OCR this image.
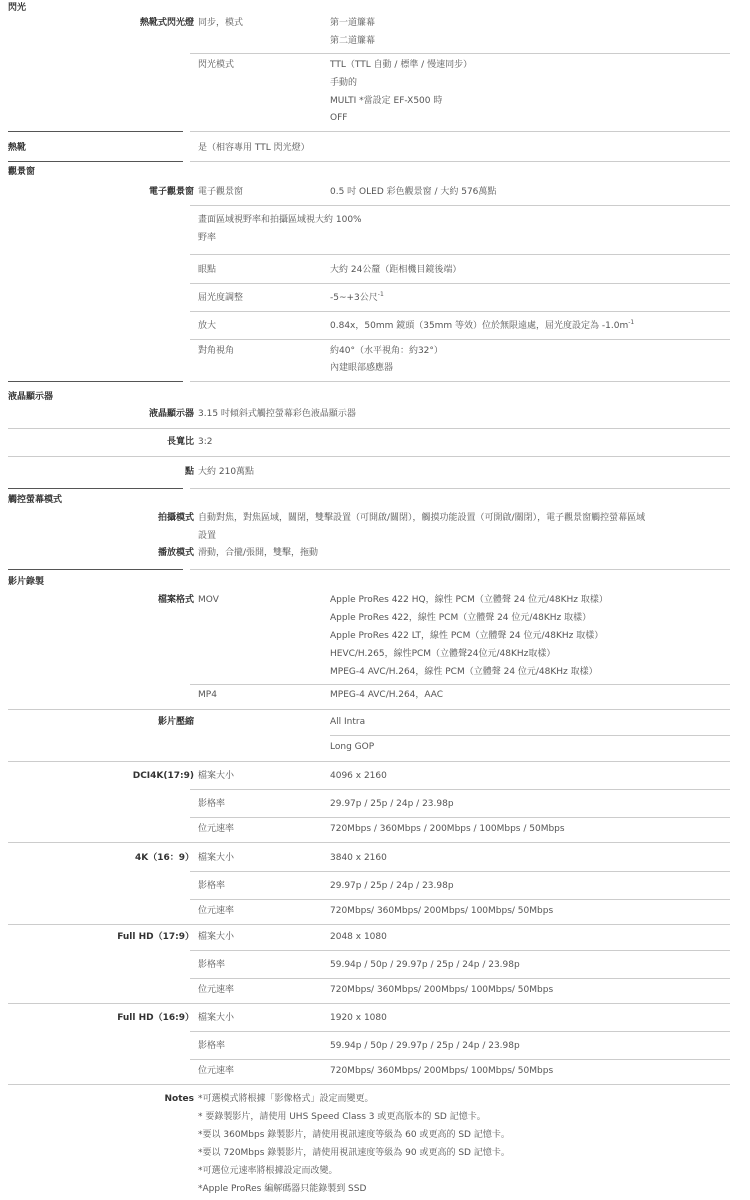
閃光
熱靴式閃光燈 同步，模式	第一道簾幕
第二道簾幕
閃光模式	TTL（TTL 自動 / 標準 / 慢速同步）
手動的
MULTI *當設定 EF-X500 時
OFF
熱靴	是（相容專用 TTL 閃光燈）
觀景窗
電子觀景窗 電子觀景窗	0.5 吋 OLED 彩色觀景窗 / 大約 576萬點
畫面區域視野率和拍攝區域視大約 100%
野率
眼點	大約 24公釐（距相機目鏡後端）
屈光度調整	-5~+3公尺$^{-1}$
放大	0.84x，50mm 鏡頭（35mm 等效）位於無限遠處，屈光度設定為 $-1.0m^{-1}$
對角視角	約40°（水平視角：約32°）
內建眼部感應器
液晶顯示器
液晶顯示器 3.15 吋傾斜式觸控螢幕彩色液晶顯示器
長寬比 3:2
點 大約 210萬點
觸控螢幕模式
拍攝模式 自動對焦，對焦區域，關閉，雙擊設置（可開啟/關閉），觸摸功能設置（可開啟/關閉），電子觀景窗觸控螢幕區域
設置
播放模式 滑動，合攏/張開，雙擊，拖動
影片錄製
檔案格式 MOV	Apple ProRes 422 HQ，線性 PCM（立體聲 24 位元/48KHz 取樣）
Apple ProRes 422，線性 PCM（立體聲 24 位元/48KHz 取樣）
Apple ProRes 422 LT，線性 PCM（立體聲 24 位元/48KHz 取樣）
HEVC/H.265，線性PCM（立體聲24位元/48KHz取樣）
MPEG-4 AVC/H.264，線性 PCM（立體聲 24 位元/48KHz 取樣）
MP4	MPEG-4 AVC/H.264，AAC
影片壓縮	All Intra
Long GOP
DCI4K(17:9) 檔案大小	4096 x 2160
影格率	29.97p / 25p / 24p / 23.98p
位元速率	720Mbps / 360Mbps / 200Mbps / 100Mbps / 50Mbps
4K（16：9） 檔案大小	3840 x 2160
影格率	29.97p / 25p / 24p / 23.98p
位元速率	720Mbps/ 360Mbps/ 200Mbps/ 100Mbps/ 50Mbps
Full HD（17:9） 檔案大小	2048 x 1080
影格率	59.94p / 50p / 29.97p / 25p / 24p / 23.98p
位元速率	720Mbps/ 360Mbps/ 200Mbps/ 100Mbps/ 50Mbps
Full HD（16:9） 檔案大小	1920 x 1080
影格率	59.94p / 50p / 29.97p / 25p / 24p / 23.98p
位元速率	720Mbps/ 360Mbps/ 200Mbps/ 100Mbps/ 50Mbps
Notes *可選模式將根據「影像格式」設定而變更。
* 要錄製影片，請使用 UHS Speed Class 3 或更高版本的 SD 記憶卡。
*要以 360Mbps 錄製影片，請使用視訊速度等級為 60 或更高的 SD 記憶卡。
*要以 720Mbps 錄製影片，請使用視訊速度等級為 90 或更高的 SD 記憶卡。
*可選位元速率將根據設定而改變。
*Apple ProRes 編解碼器只能錄製到 SSD
